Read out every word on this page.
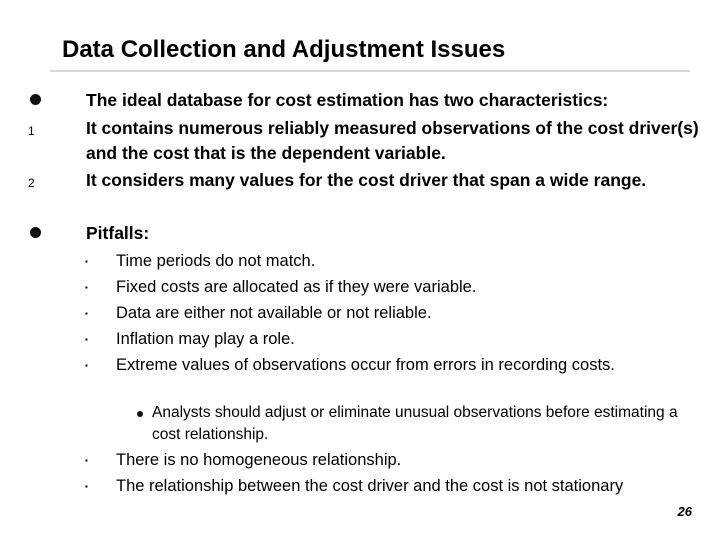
Data Collection and Adjustment Issues
The ideal database for cost estimation has two characteristics:
1	It contains numerous reliably measured observations of the cost driver(s) and the cost that is the dependent variable.
2	It considers many values for the cost driver that span a wide range.
Pitfalls:
▪ Time periods do not match.
▪ Fixed costs are allocated as if they were variable.
▪ Data are either not available or not reliable.
▪ Inflation may play a role.
▪ Extreme values of observations occur from errors in recording costs.
Analysts should adjust or eliminate unusual observations before estimating a cost relationship.
▪ There is no homogeneous relationship.
▪ The relationship between the cost driver and the cost is not stationary
26
